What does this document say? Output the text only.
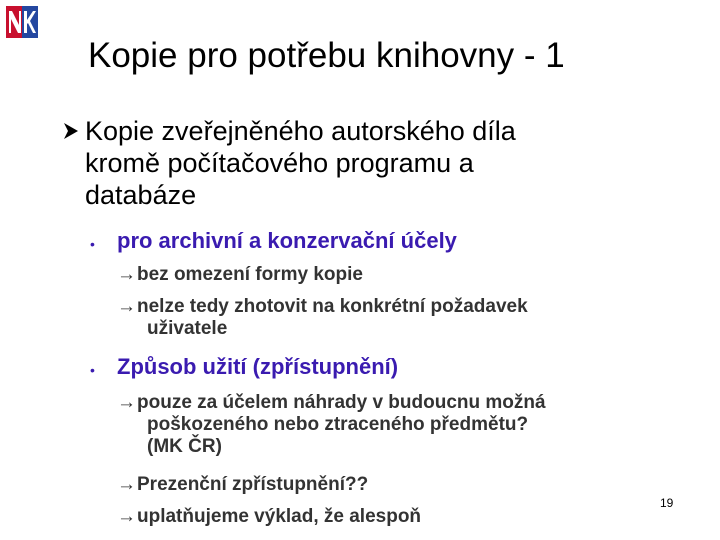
Kopie pro potřebu knihovny - 1
Kopie zveřejněného autorského díla
kromě počítačového programu a
databáze
• pro archivní a konzervační účely
→bez omezení formy kopie
→nelze tedy zhotovit na konkrétní požadavek
uživatele
• Způsob užití (zpřístupnění)
→pouze za účelem náhrady v budoucnu možná
poškozeného nebo ztraceného předmětu?
(MK ČR)
→Prezenční zpřístupnění??
→uplatňujeme výklad, že alespoň
19
